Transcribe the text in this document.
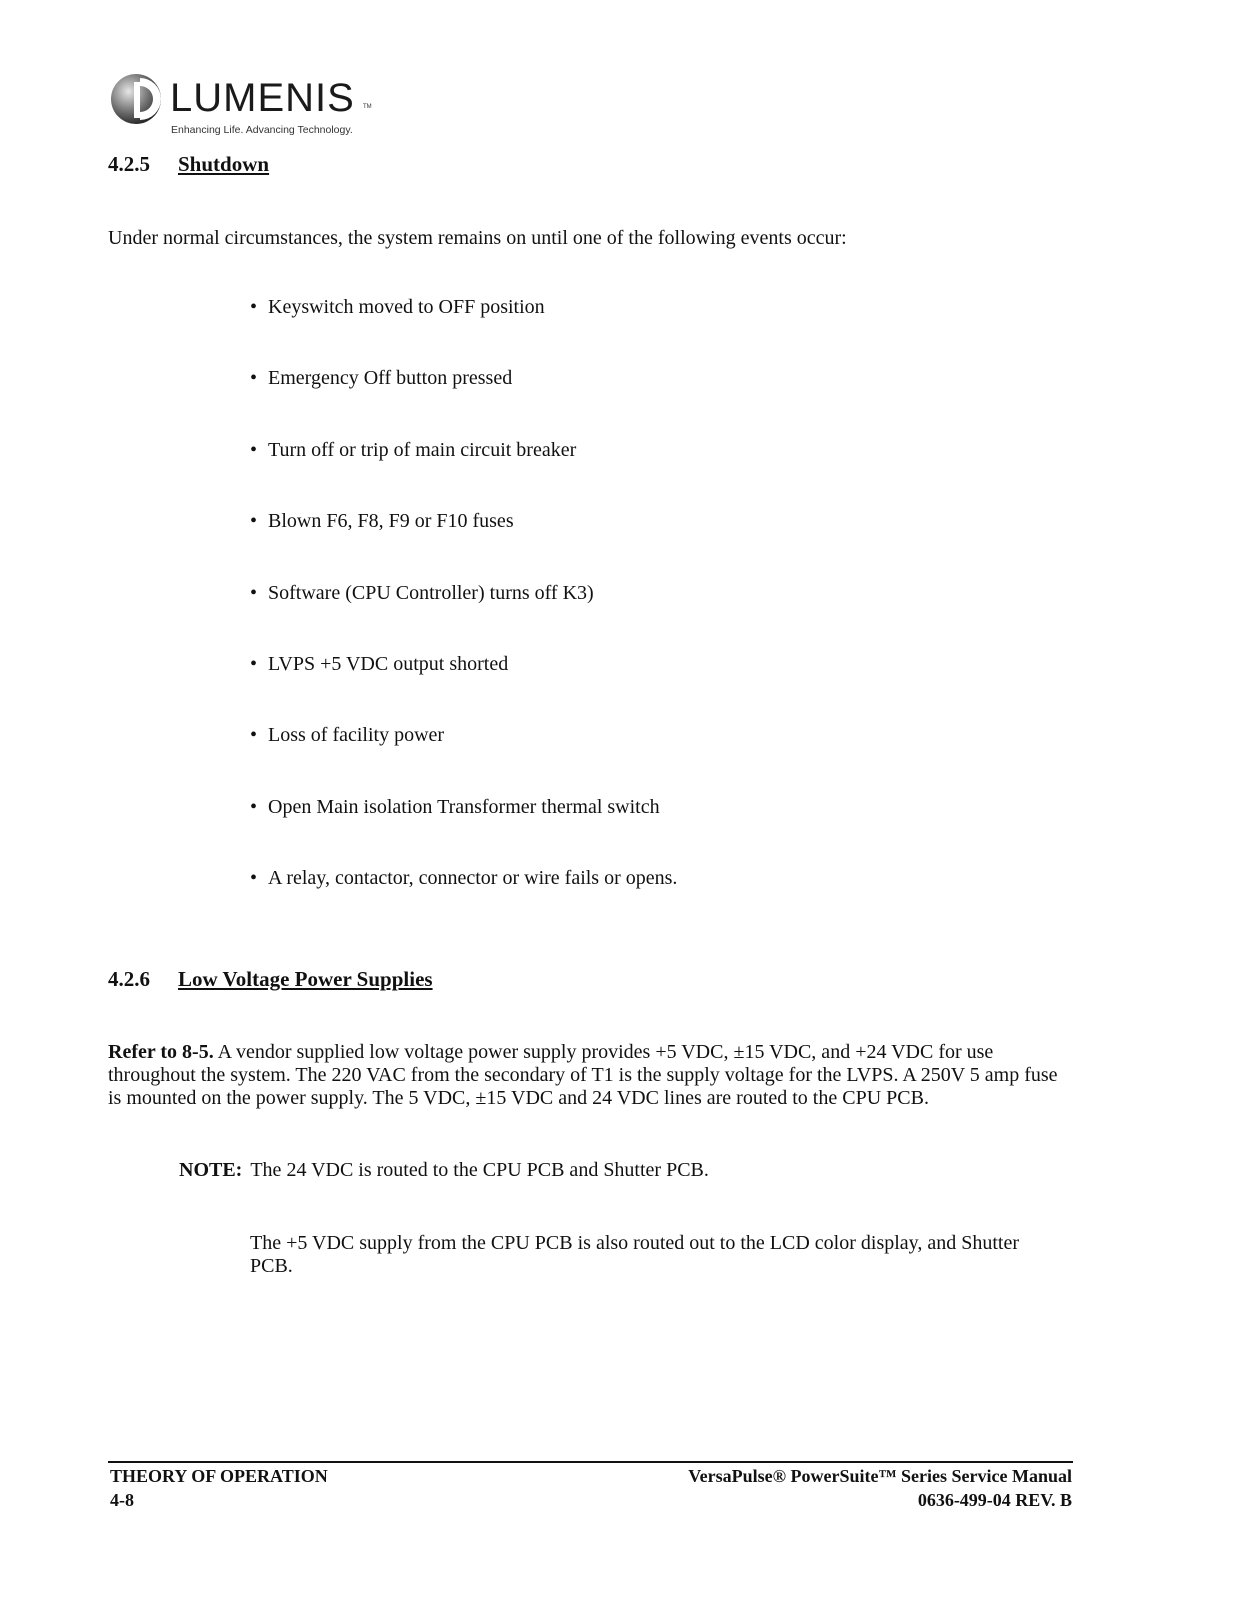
LUMENIS TM
Enhancing Life. Advancing Technology.
4.2.5 Shutdown
Under normal circumstances, the system remains on until one of the following events occur:
• Keyswitch moved to OFF position
• Emergency Off button pressed
• Turn off or trip of main circuit breaker
• Blown F6, F8, F9 or F10 fuses
• Software (CPU Controller) turns off K3)
• LVPS +5 VDC output shorted
• Loss of facility power
• Open Main isolation Transformer thermal switch
• A relay, contactor, connector or wire fails or opens.
4.2.6 Low Voltage Power Supplies
Refer to 8-5. A vendor supplied low voltage power supply provides +5 VDC, ±15 VDC, and +24 VDC for use throughout the system. The 220 VAC from the secondary of T1 is the supply voltage for the LVPS. A 250V 5 amp fuse is mounted on the power supply. The 5 VDC, ±15 VDC and 24 VDC lines are routed to the CPU PCB.
NOTE: The 24 VDC is routed to the CPU PCB and Shutter PCB.
The +5 VDC supply from the CPU PCB is also routed out to the LCD color display, and Shutter PCB.
THEORY OF OPERATION
4-8
VersaPulse® PowerSuite™ Series Service Manual
0636-499-04 REV. B
